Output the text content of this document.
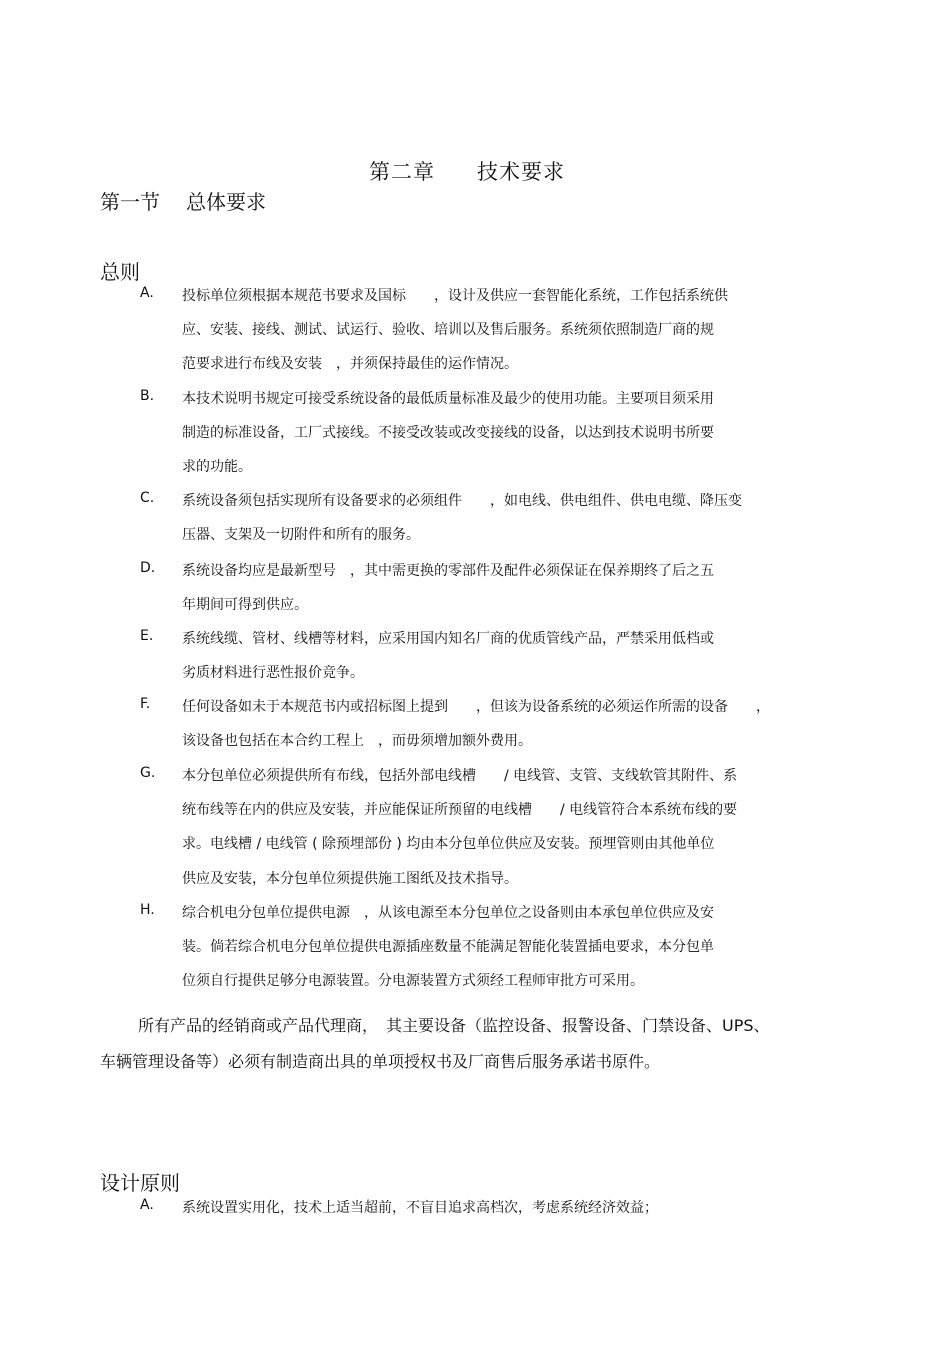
第二章 技术要求
第一节 总体要求
总则
A. 投标单位须根据本规范书要求及国标　　，设计及供应一套智能化系统，工作包括系统供
应、安装、接线、测试、试运行、验收、培训以及售后服务。系统须依照制造厂商的规
范要求进行布线及安装　，并须保持最佳的运作情况。
B. 本技术说明书规定可接受系统设备的最低质量标准及最少的使用功能。主要项目须采用
制造的标准设备，工厂式接线。不接受改装或改变接线的设备，以达到技术说明书所要
求的功能。
C. 系统设备须包括实现所有设备要求的必须组件　　，如电线、供电组件、供电电缆、降压变
压器、支架及一切附件和所有的服务。
D. 系统设备均应是最新型号　，其中需更换的零部件及配件必须保证在保养期终了后之五
年期间可得到供应。
E. 系统线缆、管材、线槽等材料，应采用国内知名厂商的优质管线产品，严禁采用低档或
劣质材料进行恶性报价竞争。
F. 任何设备如未于本规范书内或招标图上提到　　，但该为设备系统的必须运作所需的设备　　，
该设备也包括在本合约工程上　，而毋须增加额外费用。
G. 本分包单位必须提供所有布线，包括外部电线槽　　/ 电线管、支管、支线软管其附件、系
统布线等在内的供应及安装，并应能保证所预留的电线槽　　/ 电线管符合本系统布线的要
求。电线槽 / 电线管 ( 除预埋部份 ) 均由本分包单位供应及安装。预埋管则由其他单位
供应及安装，本分包单位须提供施工图纸及技术指导。
H. 综合机电分包单位提供电源　，从该电源至本分包单位之设备则由本承包单位供应及安
装。倘若综合机电分包单位提供电源插座数量不能满足智能化装置插电要求，本分包单
位须自行提供足够分电源装置。分电源装置方式须经工程师审批方可采用。
所有产品的经销商或产品代理商，　其主要设备（监控设备、报警设备、门禁设备、UPS、
车辆管理设备等）必须有制造商出具的单项授权书及厂商售后服务承诺书原件。
设计原则
A. 系统设置实用化，技术上适当超前，不盲目追求高档次，考虑系统经济效益；
